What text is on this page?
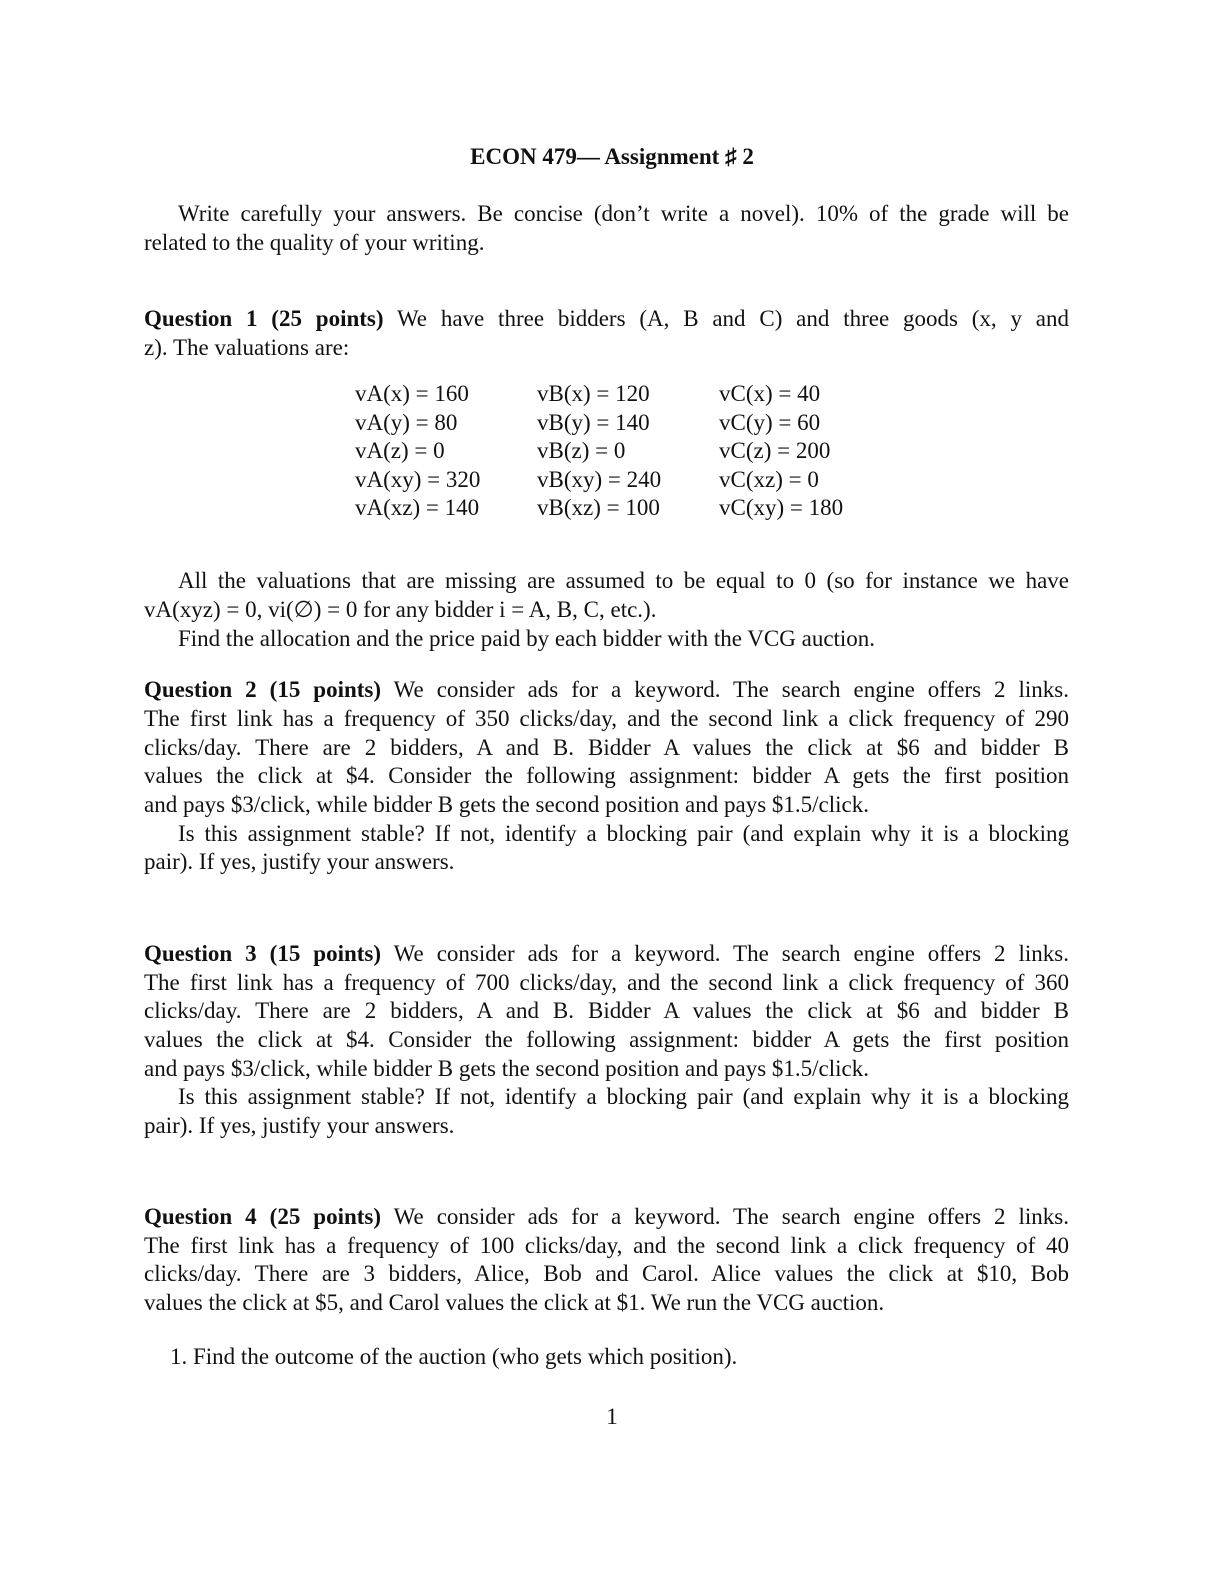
ECON 479— Assignment ♯ 2
Write carefully your answers. Be concise (don’t write a novel). 10% of the grade will be
related to the quality of your writing.
Question 1 (25 points) We have three bidders (A, B and C) and three goods (x, y and
z). The valuations are:
vA(x) = 160
vA(y) = 80
vA(z) = 0
vA(xy) = 320
vA(xz) = 140
vB(x) = 120
vB(y) = 140
vB(z) = 0
vB(xy) = 240
vB(xz) = 100
vC(x) = 40
vC(y) = 60
vC(z) = 200
vC(xz) = 0
vC(xy) = 180
All the valuations that are missing are assumed to be equal to 0 (so for instance we have
vA(xyz) = 0, vi(∅) = 0 for any bidder i = A, B, C, etc.).
Find the allocation and the price paid by each bidder with the VCG auction.
Question 2 (15 points) We consider ads for a keyword. The search engine offers 2 links.
The first link has a frequency of 350 clicks/day, and the second link a click frequency of 290
clicks/day. There are 2 bidders, A and B. Bidder A values the click at $6 and bidder B
values the click at $4. Consider the following assignment: bidder A gets the first position
and pays $3/click, while bidder B gets the second position and pays $1.5/click.
Is this assignment stable? If not, identify a blocking pair (and explain why it is a blocking
pair). If yes, justify your answers.
Question 3 (15 points) We consider ads for a keyword. The search engine offers 2 links.
The first link has a frequency of 700 clicks/day, and the second link a click frequency of 360
clicks/day. There are 2 bidders, A and B. Bidder A values the click at $6 and bidder B
values the click at $4. Consider the following assignment: bidder A gets the first position
and pays $3/click, while bidder B gets the second position and pays $1.5/click.
Is this assignment stable? If not, identify a blocking pair (and explain why it is a blocking
pair). If yes, justify your answers.
Question 4 (25 points) We consider ads for a keyword. The search engine offers 2 links.
The first link has a frequency of 100 clicks/day, and the second link a click frequency of 40
clicks/day. There are 3 bidders, Alice, Bob and Carol. Alice values the click at $10, Bob
values the click at $5, and Carol values the click at $1. We run the VCG auction.
1. Find the outcome of the auction (who gets which position).
1
